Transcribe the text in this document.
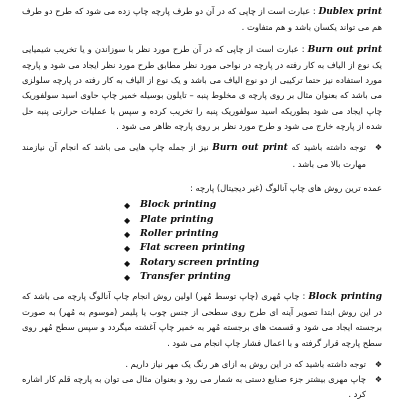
Dublex print : عبارت است از چاپی که در آن دو طرف پارچه چاپ زده می شود که طرح دو طرف هم می تواند یکسان باشد و هم متفاوت .

Burn out print : عبارت است از چاپی که در آن طرح مورد نظر با سوزاندن و یا تخریب شیمیایی یک نوع از الیاف به کار رفته در پارچه در نواحی مورد نظر مطابق طرح مورد نظر ایجاد می شود و پارچه مورد استفاده نیز حتما ترکیبی از دو نوع الیاف می باشد و یک نوع از الیاف به کار رفته در پارچه سلولزی می باشد که بعنوان مثال بر روی پارچه ی مخلوط پنبه – تایلون بوسیله خمیر چاپ حاوی اسید سولفوریک چاپ ایجاد می شود بطوریکه اسید سولفوریک پنبه را تخریب کرده و سپس با عملیات حرارتی پنبه حل شده از پارچه خارج می شود و طرح مورد نظر بر روی پارچه ظاهر می شود .

❖ توجه داشته باشید که Burn out print نیز از جمله چاپ هایی می باشد که انجام آن نیازمند مهارت بالا می باشد .

عمده ترین روش های چاپ آنالوگ (غیر دیجیتال) پارچه :

◆ Block printing
◆ Plate printing
◆ Roller printing
◆ Flat screen printing
◆ Rotary screen printing
◆ Transfer printing

Block printing : چاپ مُهری (چاپ توسط مُهر) اولین روش انجام چاپ آنالوگ پارچه می باشد که در این روش ابتدا تصویر آینه ای طرح روی سطحی از جنس چوب یا پلیمر (موسوم به مُهر) به صورت برجسته ایجاد می شود و قسمت های برجسته مُهر به خمیر چاپ آغشته میگردد و سپس سطح مُهر روی سطح پارچه قرار گرفته و با اعمال فشار چاپ انجام می شود .

❖ توجه داشته باشید که در این روش به ازای هر رنگ یک مهر نیاز داریم .

❖ چاپ مهری بیشتر جزء صنایع دستی به شمار می رود و بعنوان مثال می توان به پارچه قلم کار اشاره کرد .
